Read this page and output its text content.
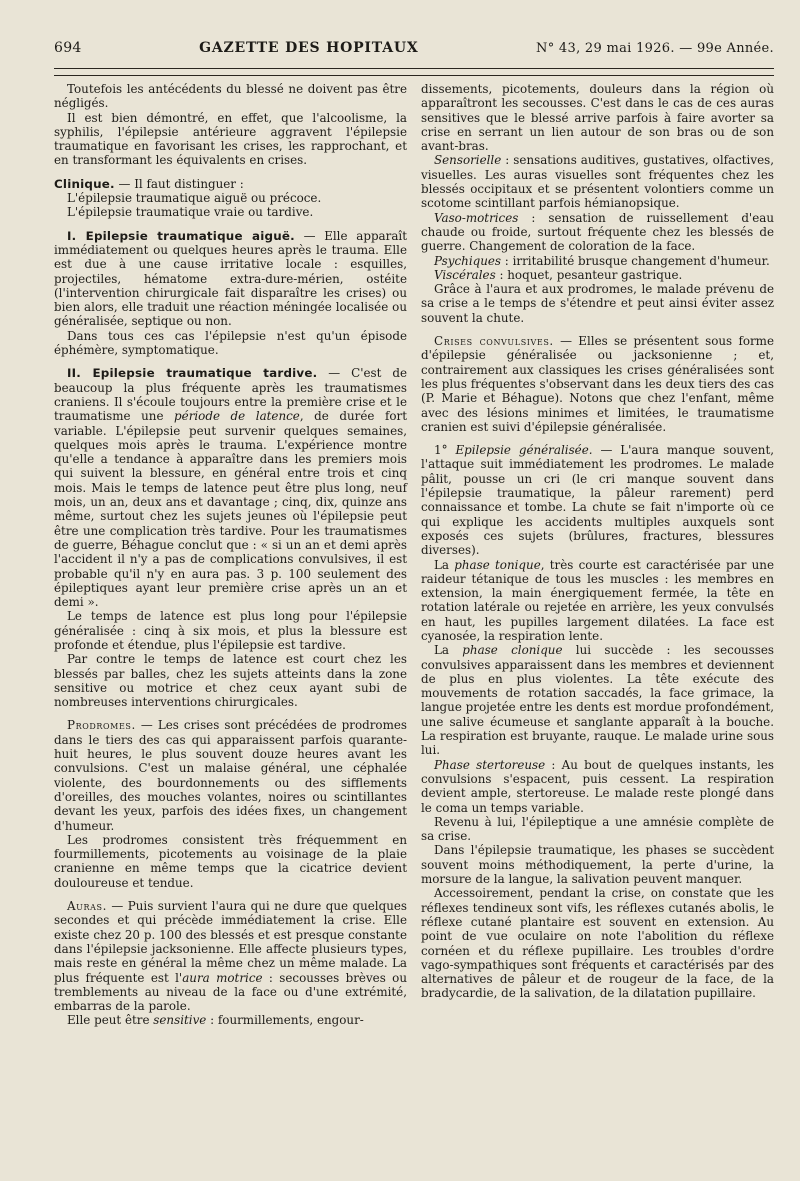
694	GAZETTE DES HOPITAUX	N° 43, 29 mai 1926. — 99e Année.

Toutefois les antécédents du blessé ne doivent pas être négligés.

Il est bien démontré, en effet, que l'alcoolisme, la syphilis, l'épilepsie antérieure aggravent l'épilepsie traumatique en favorisant les crises, les rapprochant, et en transformant les équivalents en crises.

Clinique. — Il faut distinguer :

L'épilepsie traumatique aiguë ou précoce.

L'épilepsie traumatique vraie ou tardive.

I. Epilepsie traumatique aiguë. — Elle apparaît immédiatement ou quelques heures après le trauma. Elle est due à une cause irritative locale : esquilles, projectiles, hématome extra-dure-mérien, ostéite (l'intervention chirurgicale fait disparaître les crises) ou bien alors, elle traduit une réaction méningée localisée ou généralisée, septique ou non.

Dans tous ces cas l'épilepsie n'est qu'un épisode éphémère, symptomatique.

II. Epilepsie traumatique tardive. — C'est de beaucoup la plus fréquente après les traumatismes craniens. Il s'écoule toujours entre la première crise et le traumatisme une période de latence, de durée fort variable. L'épilepsie peut survenir quelques semaines, quelques mois après le trauma. L'expérience montre qu'elle a tendance à apparaître dans les premiers mois qui suivent la blessure, en général entre trois et cinq mois. Mais le temps de latence peut être plus long, neuf mois, un an, deux ans et davantage ; cinq, dix, quinze ans même, surtout chez les sujets jeunes où l'épilepsie peut être une complication très tardive. Pour les traumatismes de guerre, Béhague conclut que : « si un an et demi après l'accident il n'y a pas de complications convulsives, il est probable qu'il n'y en aura pas. 3 p. 100 seulement des épileptiques ayant leur première crise après un an et demi ».

Le temps de latence est plus long pour l'épilepsie généralisée : cinq à six mois, et plus la blessure est profonde et étendue, plus l'épilepsie est tardive.

Par contre le temps de latence est court chez les blessés par balles, chez les sujets atteints dans la zone sensitive ou motrice et chez ceux ayant subi de nombreuses interventions chirurgicales.

Prodromes. — Les crises sont précédées de prodromes dans le tiers des cas qui apparaissent parfois quarante-huit heures, le plus souvent douze heures avant les convulsions. C'est un malaise général, une céphalée violente, des bourdonnements ou des sifflements d'oreilles, des mouches volantes, noires ou scintillantes devant les yeux, parfois des idées fixes, un changement d'humeur.

Les prodromes consistent très fréquemment en fourmillements, picotements au voisinage de la plaie cranienne en même temps que la cicatrice devient douloureuse et tendue.

Auras. — Puis survient l'aura qui ne dure que quelques secondes et qui précède immédiatement la crise. Elle existe chez 20 p. 100 des blessés et est presque constante dans l'épilepsie jacksonienne. Elle affecte plusieurs types, mais reste en général la même chez un même malade. La plus fréquente est l'aura motrice : secousses brèves ou tremblements au niveau de la face ou d'une extrémité, embarras de la parole.

Elle peut être sensitive : fourmillements, engour-

dissements, picotements, douleurs dans la région où apparaîtront les secousses. C'est dans le cas de ces auras sensitives que le blessé arrive parfois à faire avorter sa crise en serrant un lien autour de son bras ou de son avant-bras.

Sensorielle : sensations auditives, gustatives, olfactives, visuelles. Les auras visuelles sont fréquentes chez les blessés occipitaux et se présentent volontiers comme un scotome scintillant parfois hémianopsique.

Vaso-motrices : sensation de ruissellement d'eau chaude ou froide, surtout fréquente chez les blessés de guerre. Changement de coloration de la face.

Psychiques : irritabilité brusque changement d'humeur.

Viscérales : hoquet, pesanteur gastrique.

Grâce à l'aura et aux prodromes, le malade prévenu de sa crise a le temps de s'étendre et peut ainsi éviter assez souvent la chute.

Crises convulsives. — Elles se présentent sous forme d'épilepsie généralisée ou jacksonienne ; et, contrairement aux classiques les crises généralisées sont les plus fréquentes s'observant dans les deux tiers des cas (P. Marie et Béhague). Notons que chez l'enfant, même avec des lésions minimes et limitées, le traumatisme cranien est suivi d'épilepsie généralisée.

1° Epilepsie généralisée. — L'aura manque souvent, l'attaque suit immédiatement les prodromes. Le malade pâlit, pousse un cri (le cri manque souvent dans l'épilepsie traumatique, la pâleur rarement) perd connaissance et tombe. La chute se fait n'importe où ce qui explique les accidents multiples auxquels sont exposés ces sujets (brûlures, fractures, blessures diverses).

La phase tonique, très courte est caractérisée par une raideur tétanique de tous les muscles : les membres en extension, la main énergiquement fermée, la tête en rotation latérale ou rejetée en arrière, les yeux convulsés en haut, les pupilles largement dilatées. La face est cyanosée, la respiration lente.

La phase clonique lui succède : les secousses convulsives apparaissent dans les membres et deviennent de plus en plus violentes. La tête exécute des mouvements de rotation saccadés, la face grimace, la langue projetée entre les dents est mordue profondément, une salive écumeuse et sanglante apparaît à la bouche. La respiration est bruyante, rauque. Le malade urine sous lui.

Phase stertoreuse : Au bout de quelques instants, les convulsions s'espacent, puis cessent. La respiration devient ample, stertoreuse. Le malade reste plongé dans le coma un temps variable.

Revenu à lui, l'épileptique a une amnésie complète de sa crise.

Dans l'épilepsie traumatique, les phases se succèdent souvent moins méthodiquement, la perte d'urine, la morsure de la langue, la salivation peuvent manquer.

Accessoirement, pendant la crise, on constate que les réflexes tendineux sont vifs, les réflexes cutanés abolis, le réflexe cutané plantaire est souvent en extension. Au point de vue oculaire on note l'abolition du réflexe cornéen et du réflexe pupillaire. Les troubles d'ordre vago-sympathiques sont fréquents et caractérisés par des alternatives de pâleur et de rougeur de la face, de la bradycardie, de la salivation, de la dilatation pupillaire.
